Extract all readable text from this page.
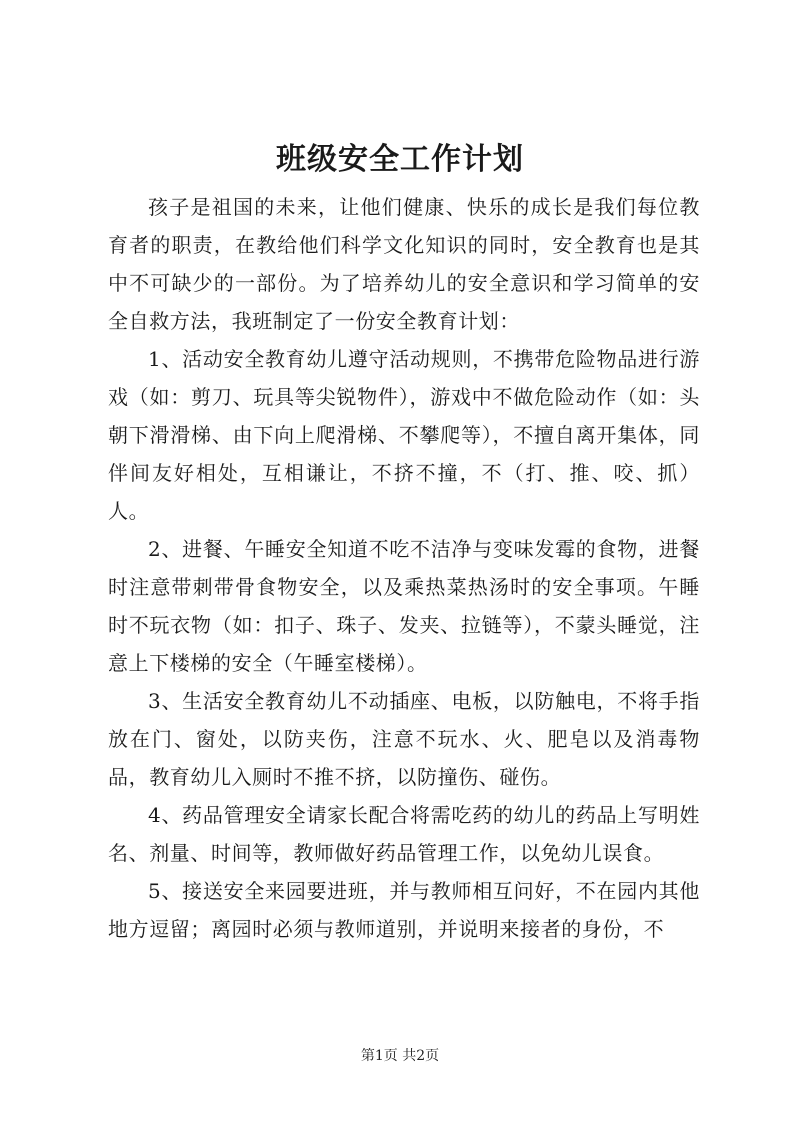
班级安全工作计划

孩子是祖国的未来，让他们健康、快乐的成长是我们每位教育者的职责，在教给他们科学文化知识的同时，安全教育也是其中不可缺少的一部份。为了培养幼儿的安全意识和学习简单的安全自救方法，我班制定了一份安全教育计划：

1、活动安全教育幼儿遵守活动规则，不携带危险物品进行游戏（如：剪刀、玩具等尖锐物件），游戏中不做危险动作（如：头朝下滑滑梯、由下向上爬滑梯、不攀爬等），不擅自离开集体，同伴间友好相处，互相谦让，不挤不撞，不（打、推、咬、抓）人。

2、进餐、午睡安全知道不吃不洁净与变味发霉的食物，进餐时注意带刺带骨食物安全，以及乘热菜热汤时的安全事项。午睡时不玩衣物（如：扣子、珠子、发夹、拉链等），不蒙头睡觉，注意上下楼梯的安全（午睡室楼梯）。

3、生活安全教育幼儿不动插座、电板，以防触电，不将手指放在门、窗处，以防夹伤，注意不玩水、火、肥皂以及消毒物品，教育幼儿入厕时不推不挤，以防撞伤、碰伤。

4、药品管理安全请家长配合将需吃药的幼儿的药品上写明姓名、剂量、时间等，教师做好药品管理工作，以免幼儿误食。

5、接送安全来园要进班，并与教师相互问好，不在园内其他地方逗留；离园时必须与教师道别，并说明来接者的身份，不

第1页 共2页
